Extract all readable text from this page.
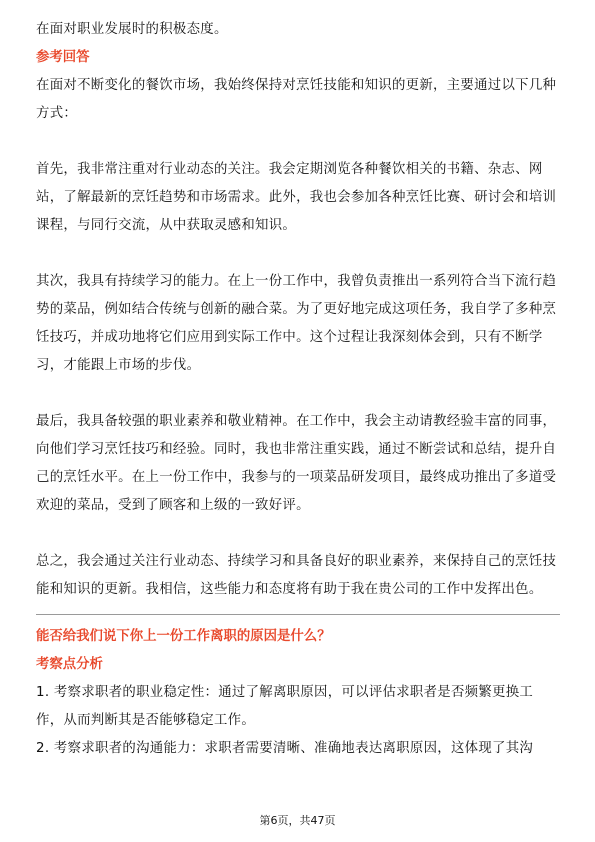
在面对职业发展时的积极态度。

参考回答

在面对不断变化的餐饮市场，我始终保持对烹饪技能和知识的更新，主要通过以下几种方式：

首先，我非常注重对行业动态的关注。我会定期浏览各种餐饮相关的书籍、杂志、网站，了解最新的烹饪趋势和市场需求。此外，我也会参加各种烹饪比赛、研讨会和培训课程，与同行交流，从中获取灵感和知识。

其次，我具有持续学习的能力。在上一份工作中，我曾负责推出一系列符合当下流行趋势的菜品，例如结合传统与创新的融合菜。为了更好地完成这项任务，我自学了多种烹饪技巧，并成功地将它们应用到实际工作中。这个过程让我深刻体会到，只有不断学习，才能跟上市场的步伐。

最后，我具备较强的职业素养和敬业精神。在工作中，我会主动请教经验丰富的同事，向他们学习烹饪技巧和经验。同时，我也非常注重实践，通过不断尝试和总结，提升自己的烹饪水平。在上一份工作中，我参与的一项菜品研发项目，最终成功推出了多道受欢迎的菜品，受到了顾客和上级的一致好评。

总之，我会通过关注行业动态、持续学习和具备良好的职业素养，来保持自己的烹饪技能和知识的更新。我相信，这些能力和态度将有助于我在贵公司的工作中发挥出色。

能否给我们说下你上一份工作离职的原因是什么？

考察点分析

1. 考察求职者的职业稳定性：通过了解离职原因，可以评估求职者是否频繁更换工作，从而判断其是否能够稳定工作。

2. 考察求职者的沟通能力：求职者需要清晰、准确地表达离职原因，这体现了其沟

第6页，共47页
